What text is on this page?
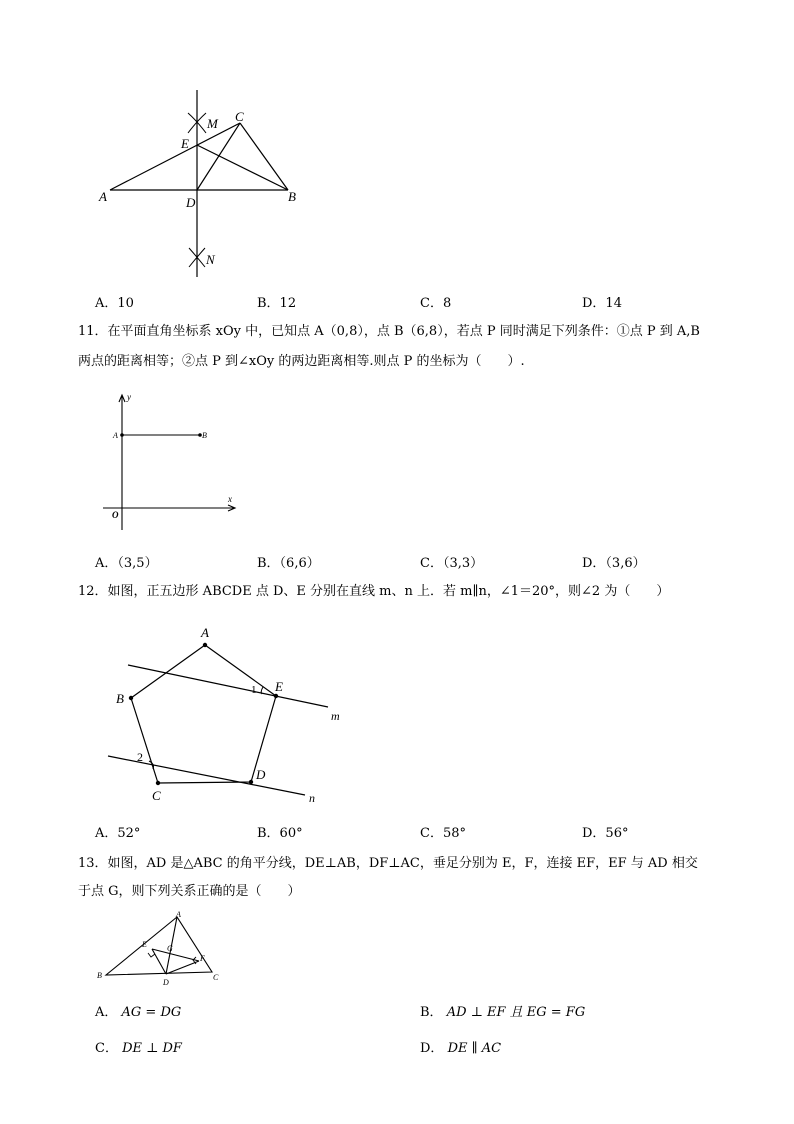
M C
E
A	D	B
N
A．10	B．12	C．8	D．14
11．在平面直角坐标系 xOy 中，已知点 A（0,8），点 B（6,8），若点 P 同时满足下列条件：①点 P 到 A,B
两点的距离相等；②点 P 到∠xOy 的两边距离相等.则点 P 的坐标为（　　）.
y
x
O
A	B
A．（3,5）	B．（6,6）	C．（3,3）	D．（3,6）
12．如图，正五边形 ABCDE 点 D、E 分别在直线 m、n 上．若 m∥n，∠1＝20°，则∠2 为（　　）
A
B
C
D
E
m
n
1
2
A．52°	B．60°	C．58°	D．56°
13．如图，AD 是△ABC 的角平分线，DE⊥AB，DF⊥AC，垂足分别为 E，F，连接 EF，EF 与 AD 相交
于点 G，则下列关系正确的是（　　）
A
B	C
D
E
F
G
A． AG = DG	B． AD ⊥ EF 且 EG = FG
C． DE ⊥ DF	D． DE ∥ AC
